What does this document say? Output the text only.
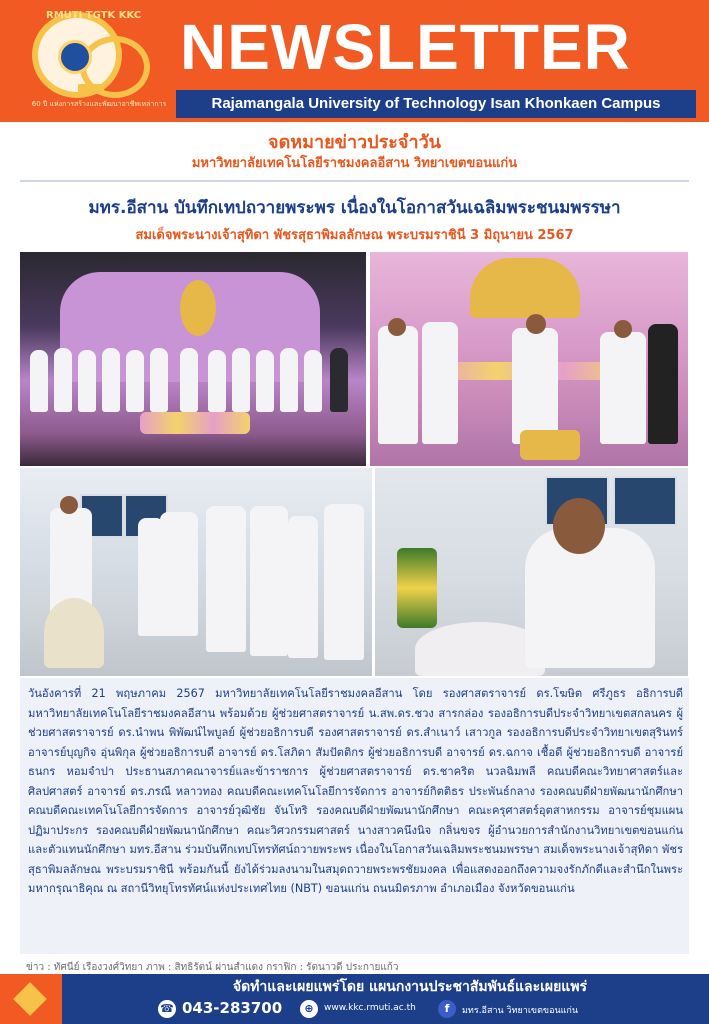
RMUTI TGTK KKC
60 ปี แห่งการสร้างและพัฒนาอาชีพเหล่าการ
NEWSLETTER
Rajamangala University of Technology Isan Khonkaen Campus
จดหมายข่าวประจำวัน
มหาวิทยาลัยเทคโนโลยีราชมงคลอีสาน วิทยาเขตขอนแก่น
มทร.อีสาน บันทึกเทปถวายพระพร เนื่องในโอกาสวันเฉลิมพระชนมพรรษา
สมเด็จพระนางเจ้าสุทิดา พัชรสุธาพิมลลักษณ พระบรมราชินี 3 มิถุนายน 2567
วันอังคารที่ 21 พฤษภาคม 2567 มหาวิทยาลัยเทคโนโลยีราชมงคลอีสาน โดย รองศาสตราจารย์ ดร.โฆษิต ศรีภูธร อธิการบดีมหาวิทยาลัยเทคโนโลยีราชมงคลอีสาน พร้อมด้วย ผู้ช่วยศาสตราจารย์ น.สพ.ดร.ชวง สารกล่อง รองอธิการบดีประจำวิทยาเขตสกลนคร ผู้ช่วยศาสตราจารย์ ดร.นำพน พิพัฒน์ไพบูลย์ ผู้ช่วยอธิการบดี รองศาสตราจารย์ ดร.สำเนาว์ เสาวกูล รองอธิการบดีประจำวิทยาเขตสุรินทร์ อาจารย์บุญกิจ อุ่นพิกุล ผู้ช่วยอธิการบดี อาจารย์ ดร.โสภิดา สัมปัตติกร ผู้ช่วยอธิการบดี อาจารย์ ดร.ฉกาจ เชื้อดี ผู้ช่วยอธิการบดี อาจารย์ธนกร หอมจำปา ประธานสภาคณาจารย์และข้าราชการ ผู้ช่วยศาสตราจารย์ ดร.ชาคริต นวลฉิมพลี คณบดีคณะวิทยาศาสตร์และศิลปศาสตร์ อาจารย์ ดร.ภรณี หลาวทอง คณบดีคณะเทคโนโลยีการจัดการ อาจารย์กิตติธร ประพันธ์กลาง รองคณบดีฝ่ายพัฒนานักศึกษา คณบดีคณะเทคโนโลยีการจัดการ อาจารย์วุฒิชัย จันโทริ รองคณบดีฝ่ายพัฒนานักศึกษา คณะครุศาสตร์อุตสาหกรรม อาจารย์ชุมแผน ปฏิมาประกร รองคณบดีฝ่ายพัฒนานักศึกษา คณะวิศวกรรมศาสตร์ นางสาวคนึงนิจ กลิ่นขจร ผู้อำนวยการสำนักงานวิทยาเขตขอนแก่น และตัวแทนนักศึกษา มทร.อีสาน ร่วมบันทึกเทปโทรทัศน์ถวายพระพร เนื่องในโอกาสวันเฉลิมพระชนมพรรษา สมเด็จพระนางเจ้าสุทิดา พัชรสุธาพิมลลักษณ พระบรมราชินี พร้อมกันนี้ ยังได้ร่วมลงนามในสมุดถวายพระพรชัยมงคล เพื่อแสดงออกถึงความจงรักภักดีและสำนึกในพระมหากรุณาธิคุณ ณ สถานีวิทยุโทรทัศน์แห่งประเทศไทย (NBT) ขอนแก่น ถนนมิตรภาพ อำเภอเมือง จังหวัดขอนแก่น
ข่าว : ทัศนีย์ เรืองวงศ์วิทยา ภาพ : สิทธิรัตน์ ผ่านสำแดง กราฟิก : รัตนาวดี ประกายแก้ว
จัดทำและเผยแพร่โดย แผนกงานประชาสัมพันธ์และเผยแพร่
☎ 043-283700	⊕	www.kkc.rmuti.ac.th	f	มทร.อีสาน วิทยาเขตขอนแก่น
